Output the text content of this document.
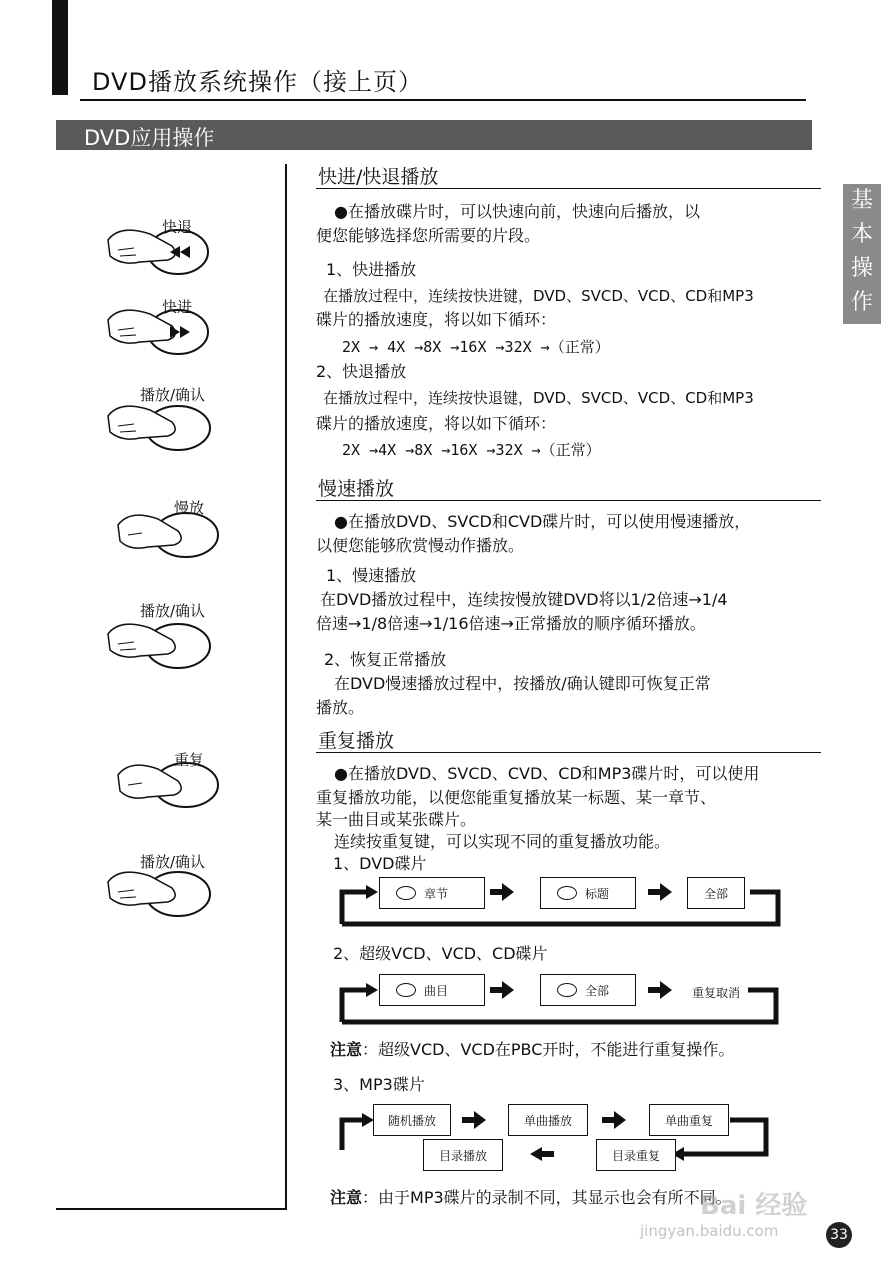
DVD播放系统操作（接上页）
DVD应用操作
基
本
操
作
快退
快进
播放/确认
慢放
播放/确认
重复
播放/确认
快进/快退播放
●在播放碟片时，可以快速向前，快速向后播放，以
便您能够选择您所需要的片段。
1、快进播放
在播放过程中，连续按快进键，DVD、SVCD、VCD、CD和MP3
碟片的播放速度，将以如下循环：
2X → 4X →8X →16X →32X →（正常）
2、快退播放
在播放过程中，连续按快退键，DVD、SVCD、VCD、CD和MP3
碟片的播放速度，将以如下循环：
2X →4X →8X →16X →32X →（正常）
慢速播放
●在播放DVD、SVCD和CVD碟片时，可以使用慢速播放，
以便您能够欣赏慢动作播放。
1、慢速播放
在DVD播放过程中，连续按慢放键DVD将以1/2倍速→1/4
倍速→1/8倍速→1/16倍速→正常播放的顺序循环播放。
2、恢复正常播放
在DVD慢速播放过程中，按播放/确认键即可恢复正常
播放。
重复播放
●在播放DVD、SVCD、CVD、CD和MP3碟片时，可以使用
重复播放功能，以便您能重复播放某一标题、某一章节、
某一曲目或某张碟片。
连续按重复键，可以实现不同的重复播放功能。
1、DVD碟片
章节	标题	全部
2、超级VCD、VCD、CD碟片
曲目	全部	重复取消
注意：超级VCD、VCD在PBC开时，不能进行重复操作。
3、MP3碟片
随机播放	单曲播放	单曲重复
目录播放	目录重复
注意：由于MP3碟片的录制不同，其显示也会有所不同。
Bai 经验
jingyan.baidu.com	33
